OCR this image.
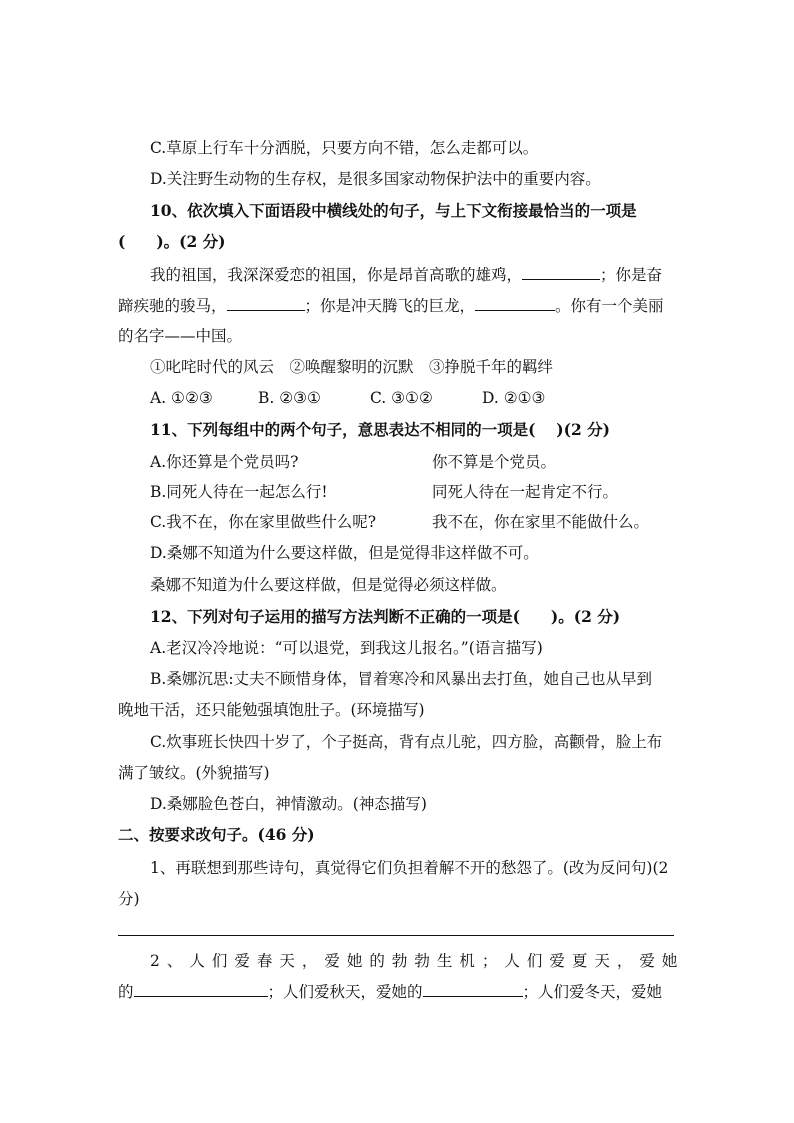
C.草原上行车十分洒脱，只要方向不错，怎么走都可以。
D.关注野生动物的生存权，是很多国家动物保护法中的重要内容。
10、依次填入下面语段中横线处的句子，与上下文衔接最恰当的一项是
(　　)。(2 分)
我的祖国，我深深爱恋的祖国，你是昂首高歌的雄鸡，	；你是奋
蹄疾驰的骏马，	；你是冲天腾飞的巨龙，	。你有一个美丽
的名字——中国。
①叱咤时代的风云　②唤醒黎明的沉默　③挣脱千年的羁绊
A. ①②③	B. ②③①	C. ③①②	D. ②①③
11、下列每组中的两个句子，意思表达不相同的一项是(　 )(2 分)
A.你还算是个党员吗?	你不算是个党员。
B.同死人待在一起怎么行!	同死人待在一起肯定不行。
C.我不在，你在家里做些什么呢?	我不在，你在家里不能做什么。
D.桑娜不知道为什么要这样做，但是觉得非这样做不可。
桑娜不知道为什么要这样做，但是觉得必须这样做。
12、下列对句子运用的描写方法判断不正确的一项是(　　)。(2 分)
A.老汉冷冷地说：“可以退党，到我这儿报名。”(语言描写)
B.桑娜沉思:丈夫不顾惜身体，冒着寒冷和风暴出去打鱼，她自己也从早到
晚地干活，还只能勉强填饱肚子。(环境描写)
C.炊事班长快四十岁了，个子挺高，背有点儿驼，四方脸，高颧骨，脸上布
满了皱纹。(外貌描写)
D.桑娜脸色苍白，神情激动。(神态描写)
二、按要求改句子。(46 分)
1、再联想到那些诗句，真觉得它们负担着解不开的愁怨了。(改为反问句)(2
分)
2、人们爱春天，爱她的勃勃生机；人们爱夏天，爱她
的	；人们爱秋天，爱她的	；人们爱冬天，爱她
